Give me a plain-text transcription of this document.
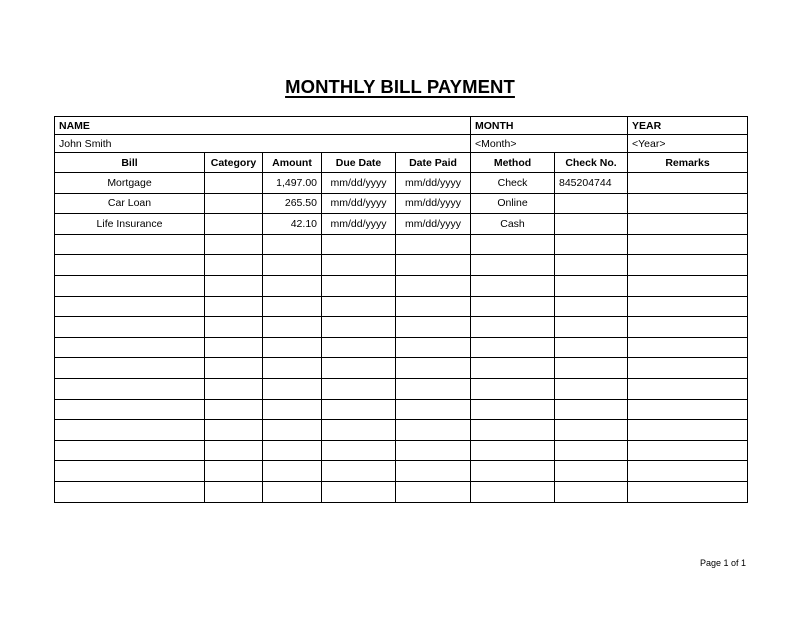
MONTHLY BILL PAYMENT
NAME					MONTH		YEAR
John Smith					<Month>		<Year>
Bill	Category	Amount	Due Date	Date Paid	Method	Check No.	Remarks
Mortgage		1,497.00	mm/dd/yyyy	mm/dd/yyyy	Check	845204744	
Car Loan		265.50	mm/dd/yyyy	mm/dd/yyyy	Online		
Life Insurance		42.10	mm/dd/yyyy	mm/dd/yyyy	Cash		

Page 1 of 1
